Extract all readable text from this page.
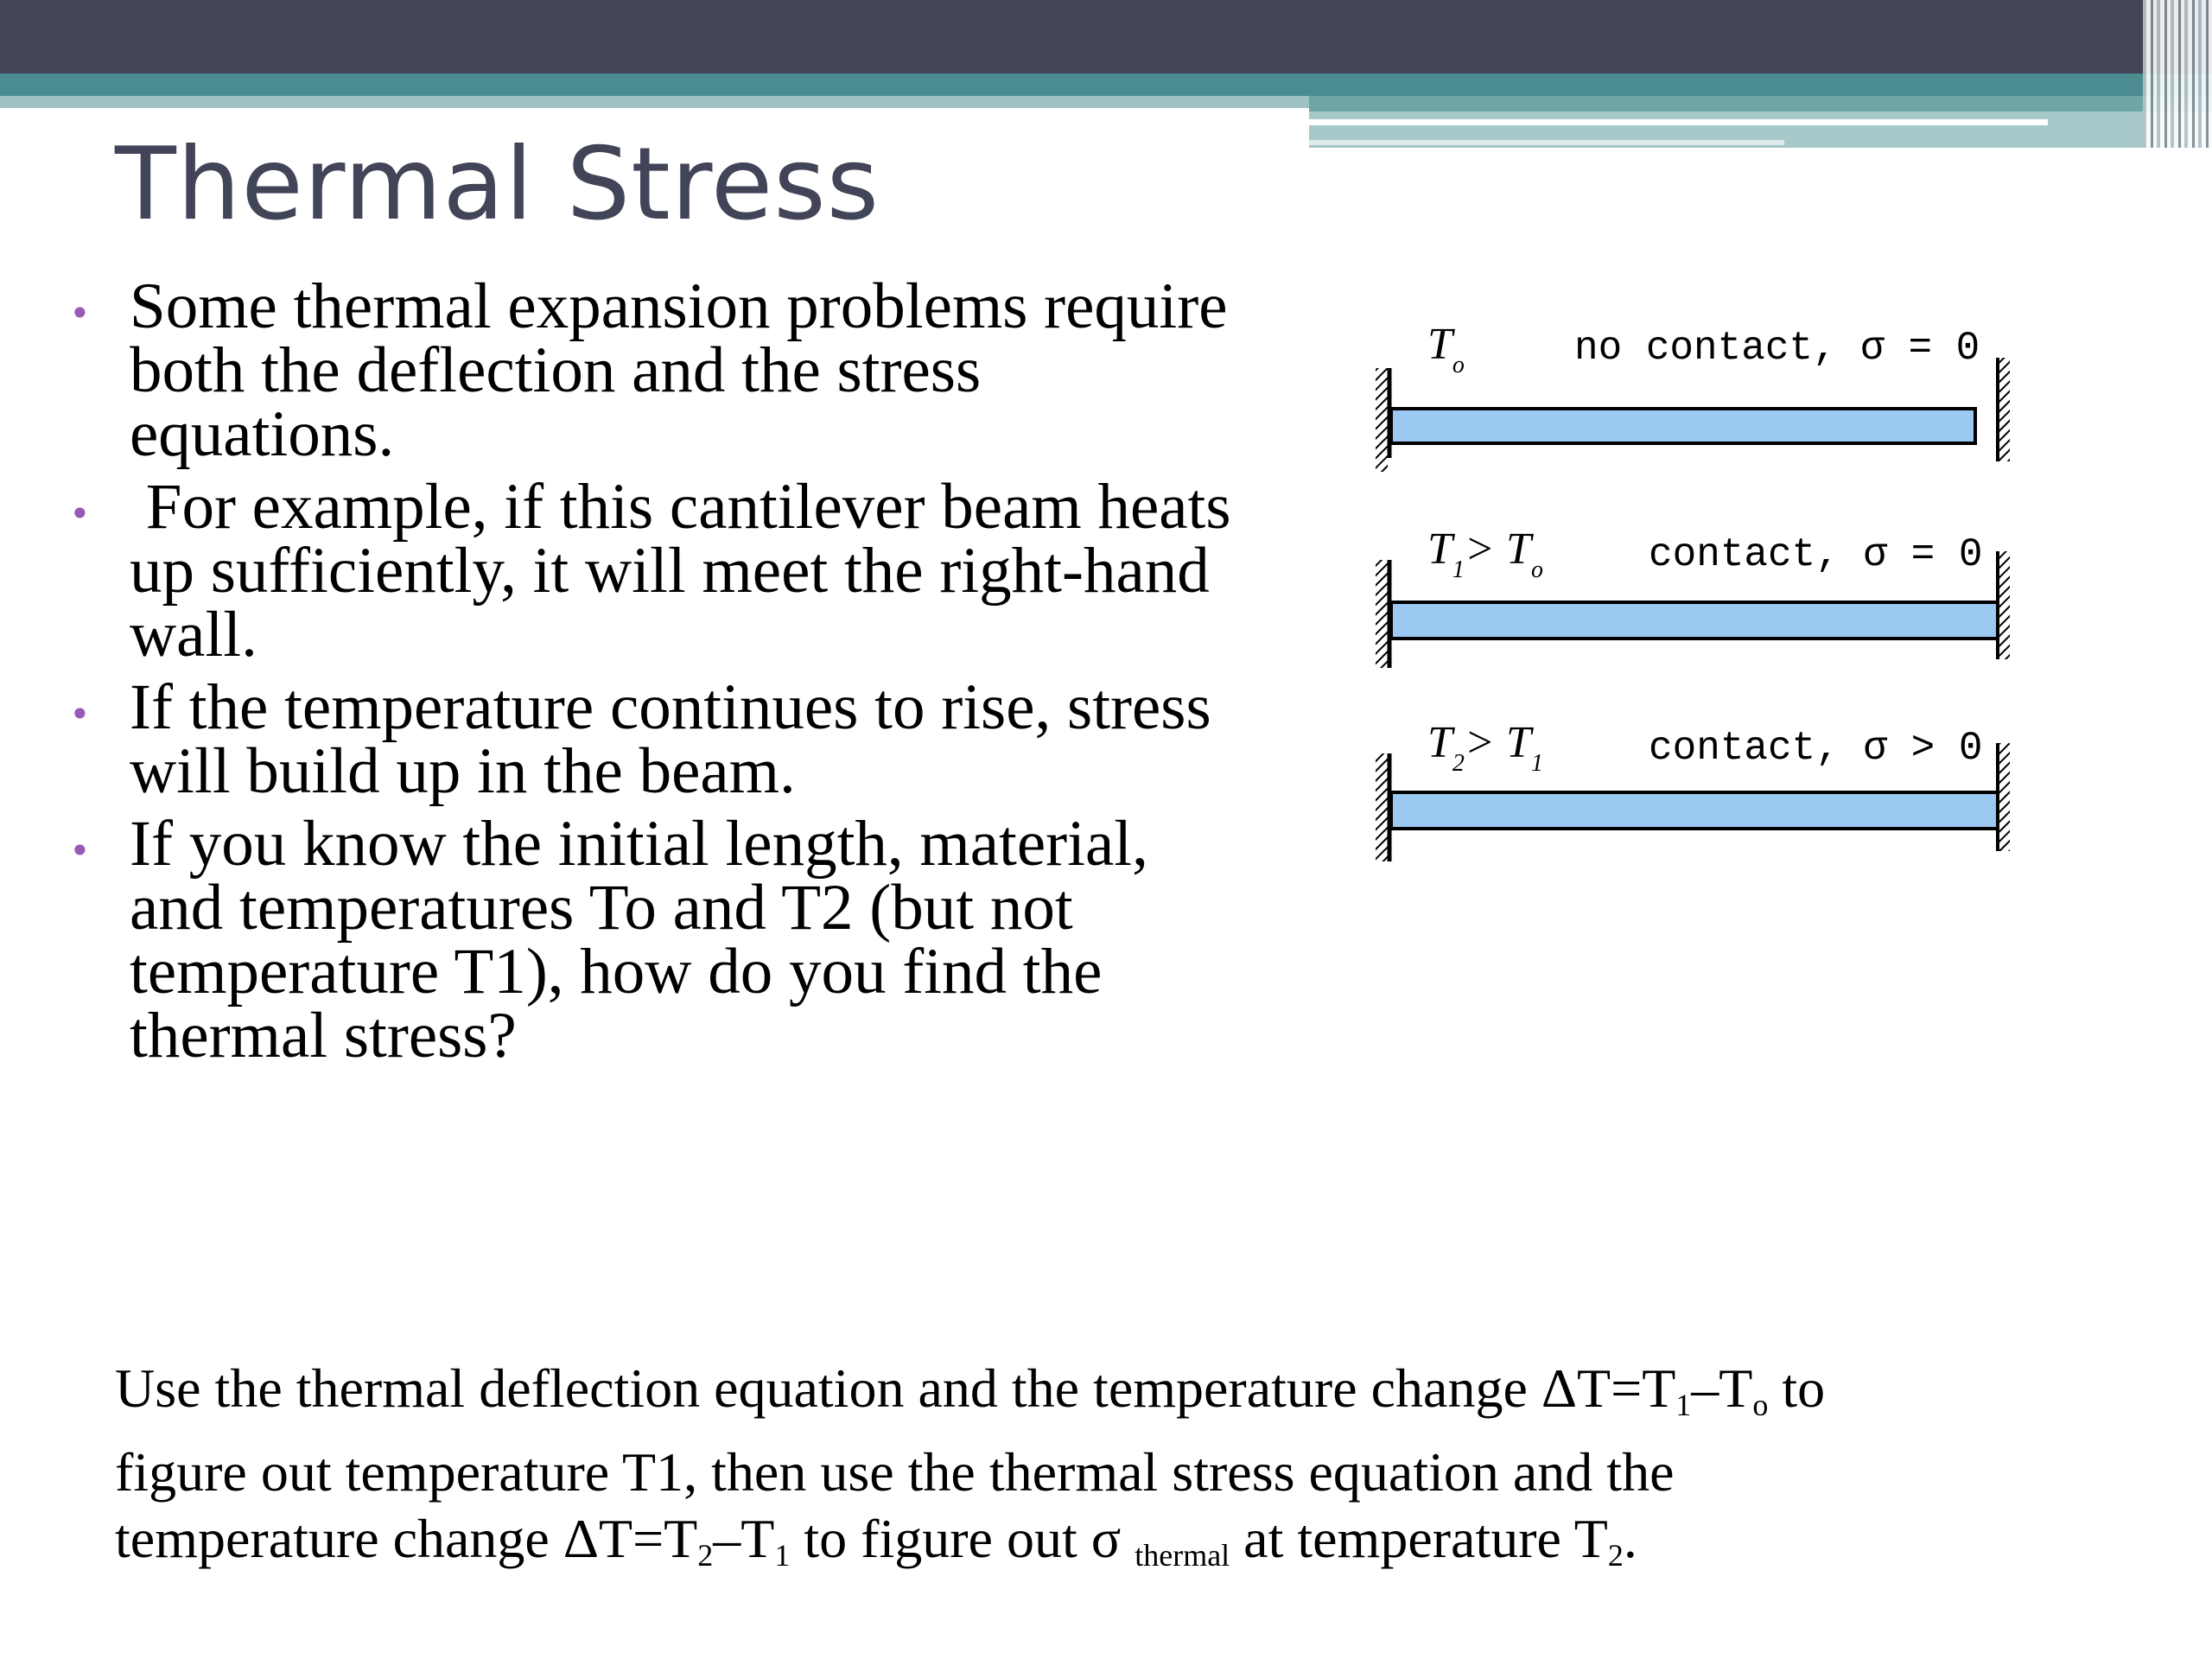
Thermal Stress
• Some thermal expansion problems require both the deflection and the stress equations.
• For example, if this cantilever beam heats up sufficiently, it will meet the right-hand wall.
• If the temperature continues to rise, stress will build up in the beam.
• If you know the initial length, material, and temperatures To and T2 (but not temperature T1), how do you find the thermal stress?
$T_o$	no contact, σ = 0
$T_1> T_o$	contact, σ = 0
$T_2> T_1$	contact, σ > 0
Use the thermal deflection equation and the temperature change $\Delta T=T_1-T_o$ to
figure out temperature T1, then use the thermal stress equation and the
temperature change $\Delta T=T_2-T_1$ to figure out σ $_{thermal}$ at temperature $T_2$.
